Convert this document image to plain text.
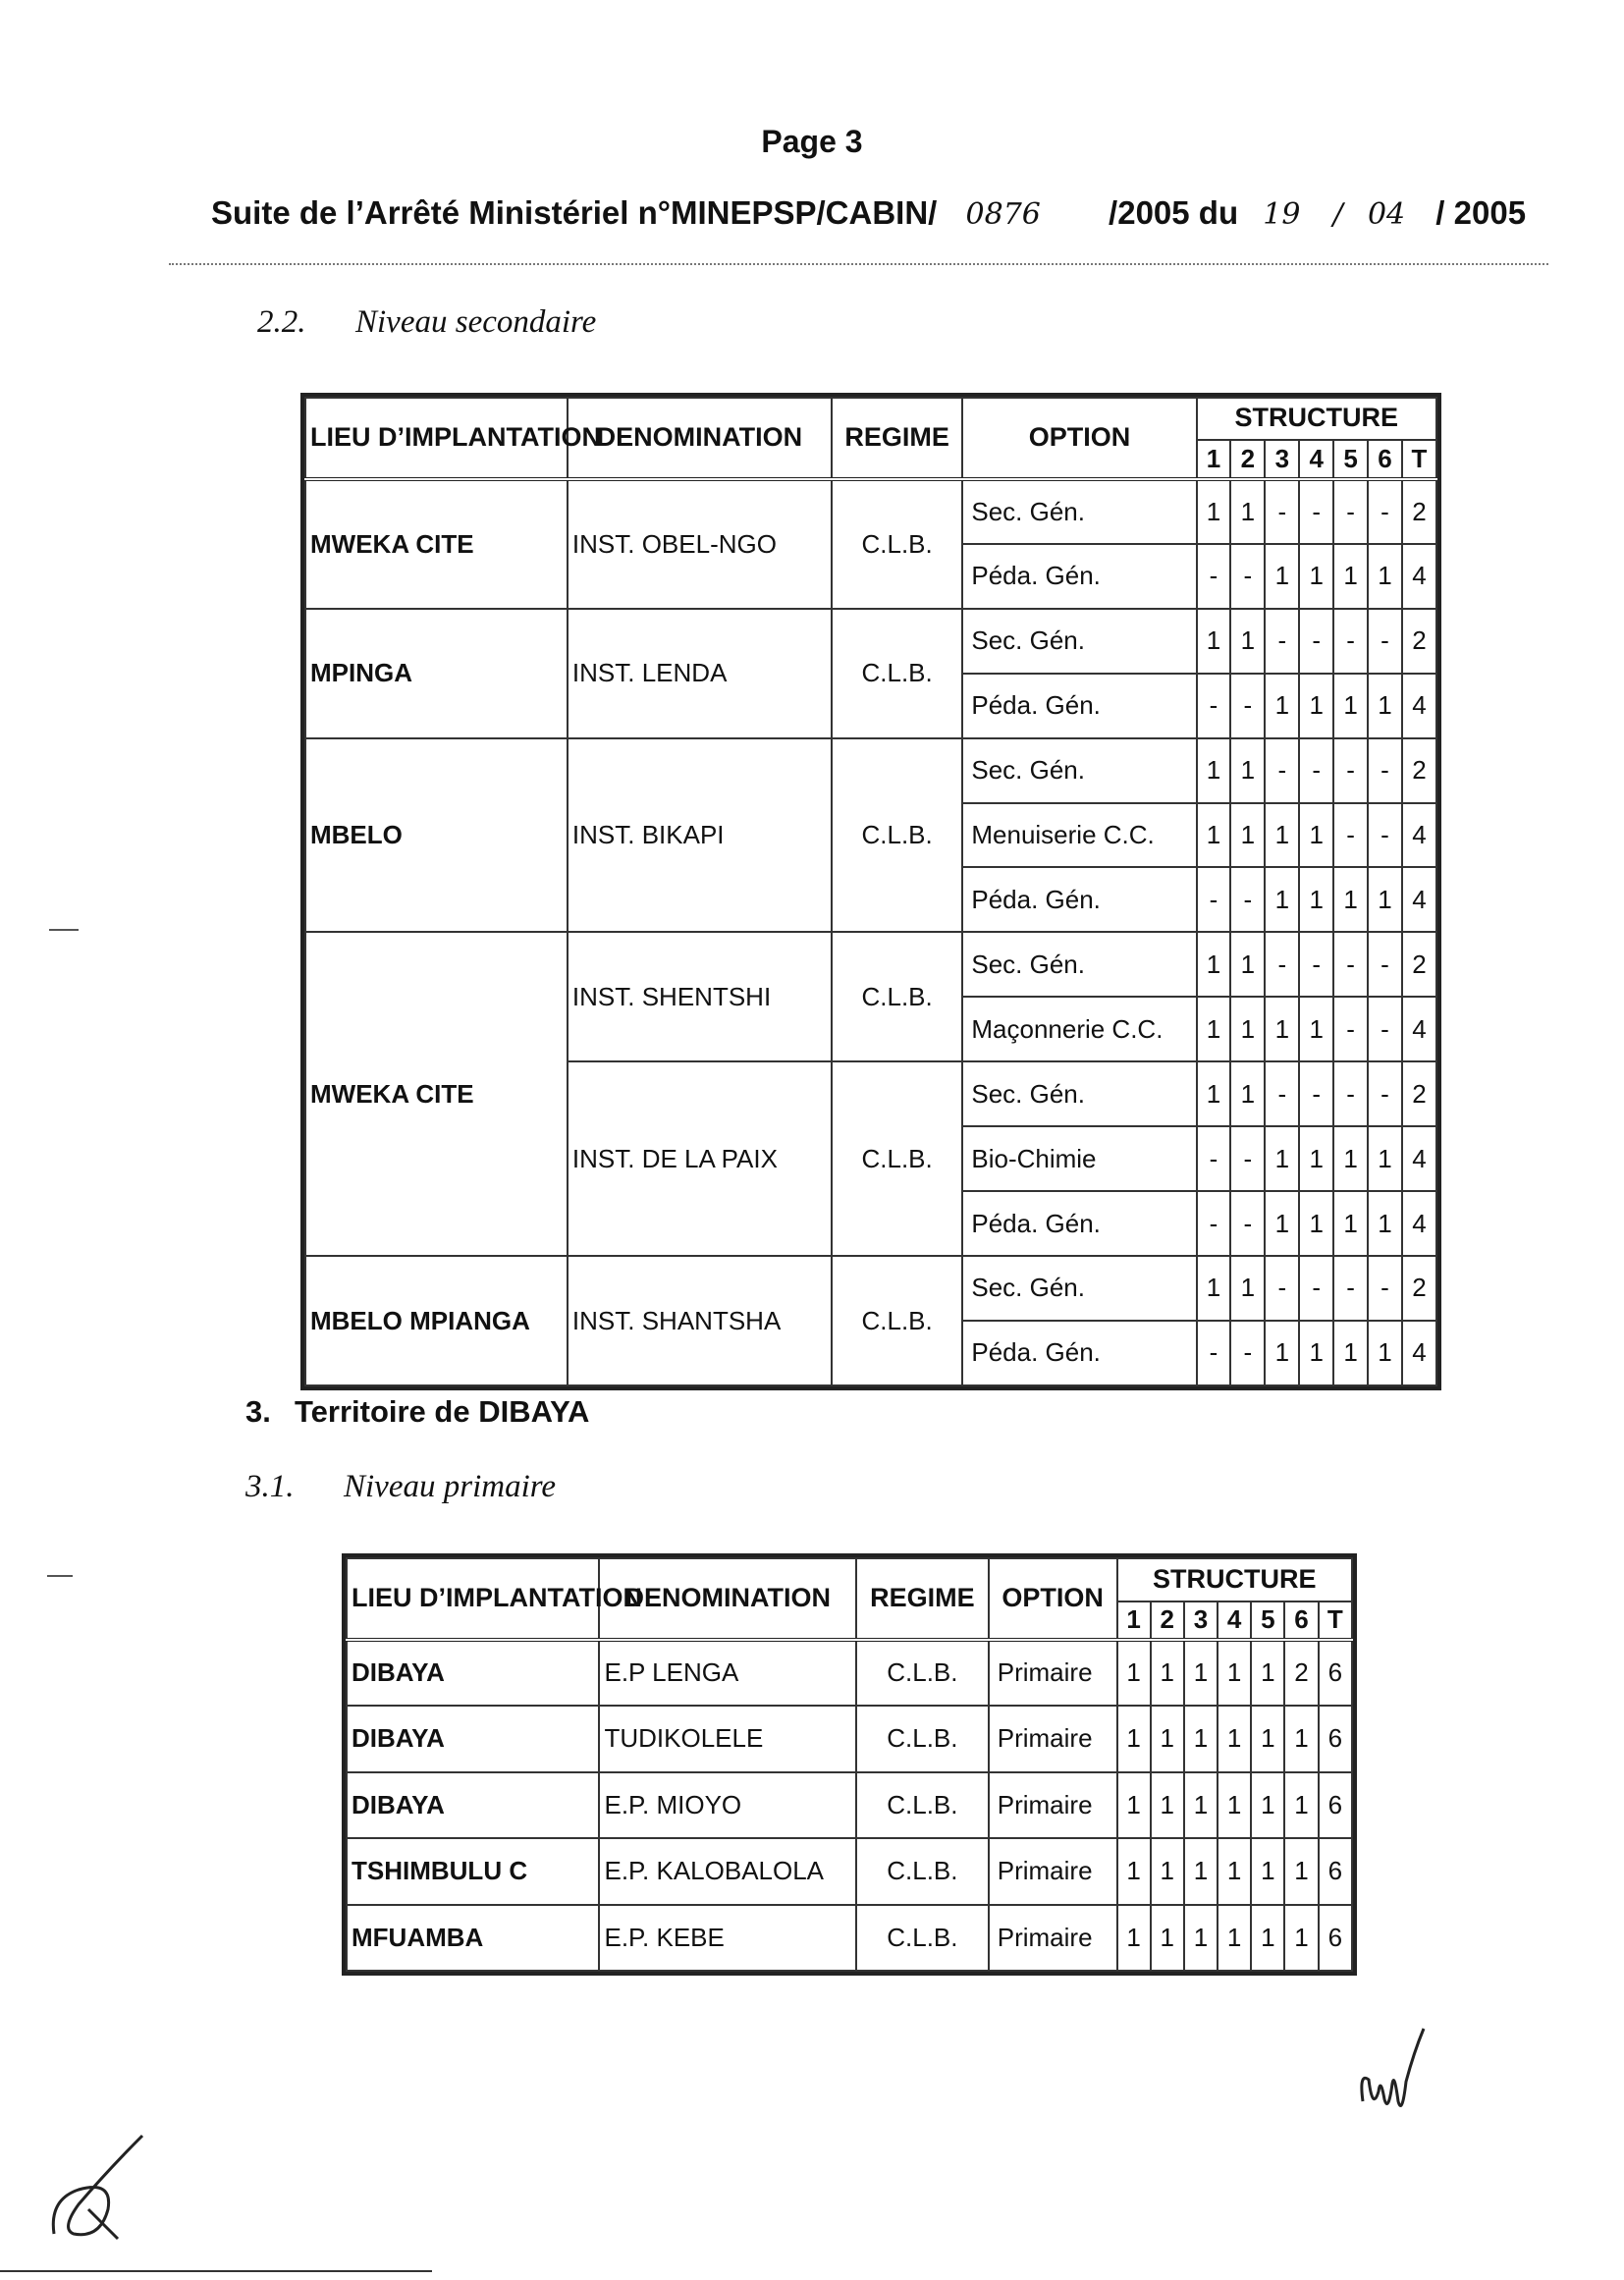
Page 3
Suite de l’Arrêté Ministériel n°MINEPSP/CABIN/ 0876 /2005 du 19 / 04 / 2005
2.2. Niveau secondaire
LIEU D’IMPLANTATION	DENOMINATION	REGIME	OPTION	STRUCTURE						
				1	2	3	4	5	6	T
MWEKA CITE	INST. OBEL-NGO	C.L.B.	Sec. Gén.	1	1	-	-	-	-	2
			Péda. Gén.	-	-	1	1	1	1	4
MPINGA	INST. LENDA	C.L.B.	Sec. Gén.	1	1	-	-	-	-	2
			Péda. Gén.	-	-	1	1	1	1	4
MBELO	INST. BIKAPI	C.L.B.	Sec. Gén.	1	1	-	-	-	-	2
			Menuiserie C.C.	1	1	1	1	-	-	4
			Péda. Gén.	-	-	1	1	1	1	4
MWEKA CITE	INST. SHENTSHI	C.L.B.	Sec. Gén.	1	1	-	-	-	-	2
			Maçonnerie C.C.	1	1	1	1	-	-	4
	INST. DE LA PAIX	C.L.B.	Sec. Gén.	1	1	-	-	-	-	2
			Bio-Chimie	-	-	1	1	1	1	4
			Péda. Gén.	-	-	1	1	1	1	4
MBELO MPIANGA	INST. SHANTSHA	C.L.B.	Sec. Gén.	1	1	-	-	-	-	2
			Péda. Gén.	-	-	1	1	1	1	4
3. Territoire de DIBAYA
3.1. Niveau primaire
LIEU D’IMPLANTATION	DENOMINATION	REGIME	OPTION	STRUCTURE						
				1	2	3	4	5	6	T
DIBAYA	E.P LENGA	C.L.B.	Primaire	1	1	1	1	1	2	6
DIBAYA	TUDIKOLELE	C.L.B.	Primaire	1	1	1	1	1	1	6
DIBAYA	E.P. MIOYO	C.L.B.	Primaire	1	1	1	1	1	1	6
TSHIMBULU C	E.P. KALOBALOLA	C.L.B.	Primaire	1	1	1	1	1	1	6
MFUAMBA	E.P. KEBE	C.L.B.	Primaire	1	1	1	1	1	1	6
